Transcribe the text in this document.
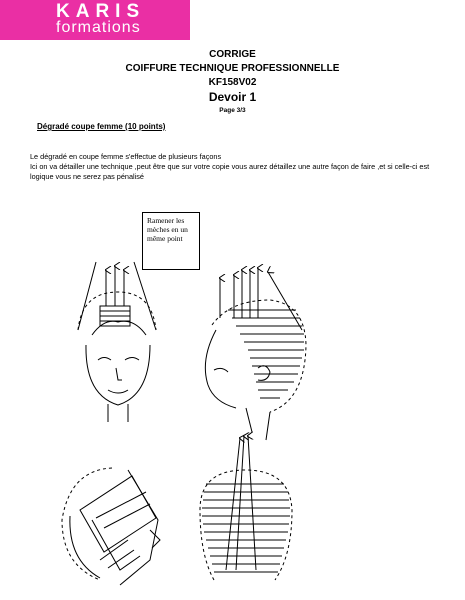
KARIS
formations
CORRIGE
COIFFURE TECHNIQUE PROFESSIONNELLE
KF158V02
Devoir 1
Page 3/3
Dégradé coupe femme (10 points)
Le dégradé en coupe femme s'effectue de plusieurs façons
Ici on va détailler une technique ,peut être que sur votre copie vous aurez détaillez une autre façon de faire ,et si celle-ci est logique vous ne serez pas pénalisé
Ramener les mèches en un même point
